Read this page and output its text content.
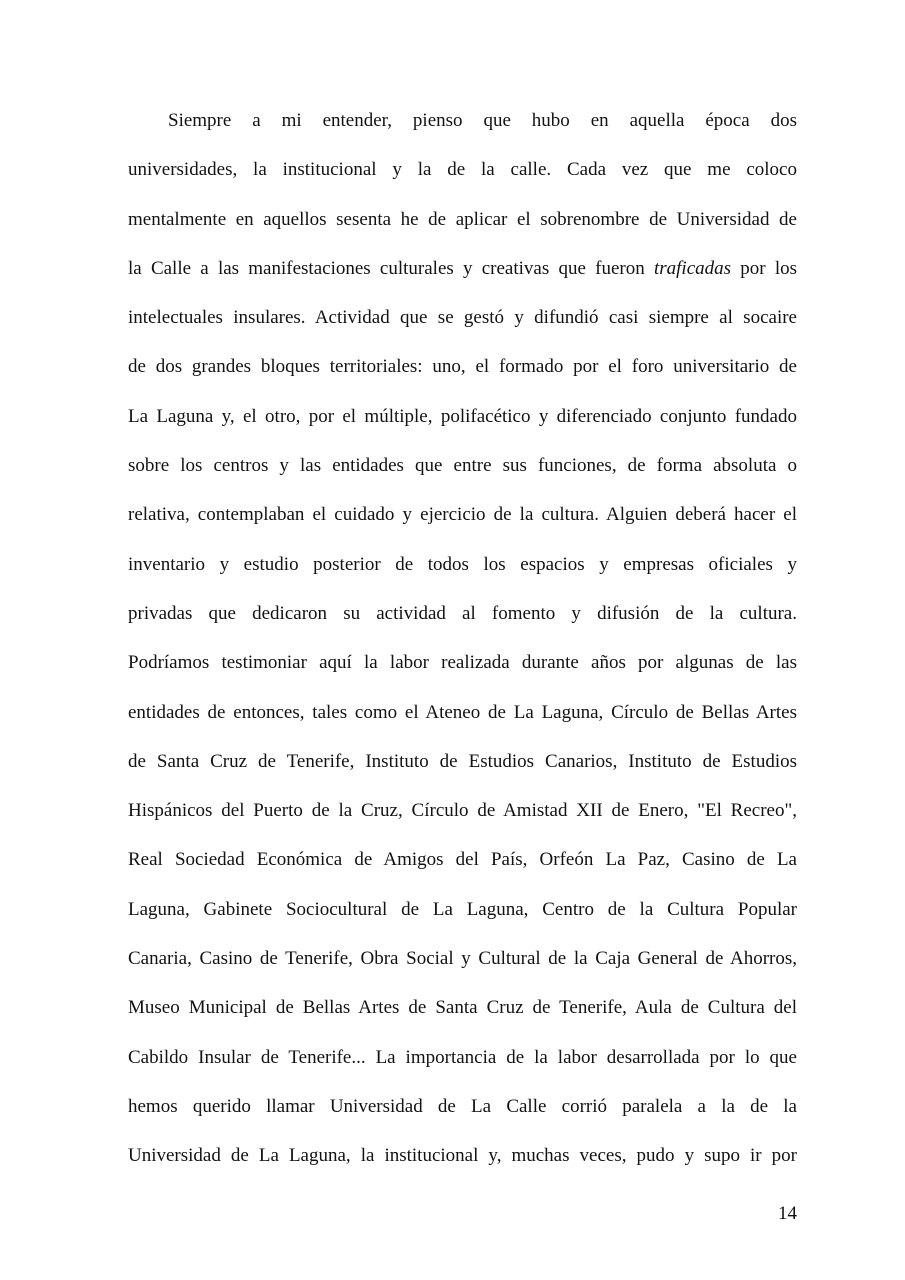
Siempre a mi entender, pienso que hubo en aquella época dos
universidades, la institucional y la de la calle. Cada vez que me coloco
mentalmente en aquellos sesenta he de aplicar el sobrenombre de Universidad de
la Calle a las manifestaciones culturales y creativas que fueron traficadas por los
intelectuales insulares. Actividad que se gestó y difundió casi siempre al socaire
de dos grandes bloques territoriales: uno, el formado por el foro universitario de
La Laguna y, el otro, por el múltiple, polifacético y diferenciado conjunto fundado
sobre los centros y las entidades que entre sus funciones, de forma absoluta o
relativa, contemplaban el cuidado y ejercicio de la cultura. Alguien deberá hacer el
inventario y estudio posterior de todos los espacios y empresas oficiales y
privadas que dedicaron su actividad al fomento y difusión de la cultura.
Podríamos testimoniar aquí la labor realizada durante años por algunas de las
entidades de entonces, tales como el Ateneo de La Laguna, Círculo de Bellas Artes
de Santa Cruz de Tenerife, Instituto de Estudios Canarios, Instituto de Estudios
Hispánicos del Puerto de la Cruz, Círculo de Amistad XII de Enero, "El Recreo",
Real Sociedad Económica de Amigos del País, Orfeón La Paz, Casino de La
Laguna, Gabinete Sociocultural de La Laguna, Centro de la Cultura Popular
Canaria, Casino de Tenerife, Obra Social y Cultural de la Caja General de Ahorros,
Museo Municipal de Bellas Artes de Santa Cruz de Tenerife, Aula de Cultura del
Cabildo Insular de Tenerife... La importancia de la labor desarrollada por lo que
hemos querido llamar Universidad de La Calle corrió paralela a la de la
Universidad de La Laguna, la institucional y, muchas veces, pudo y supo ir por
14
